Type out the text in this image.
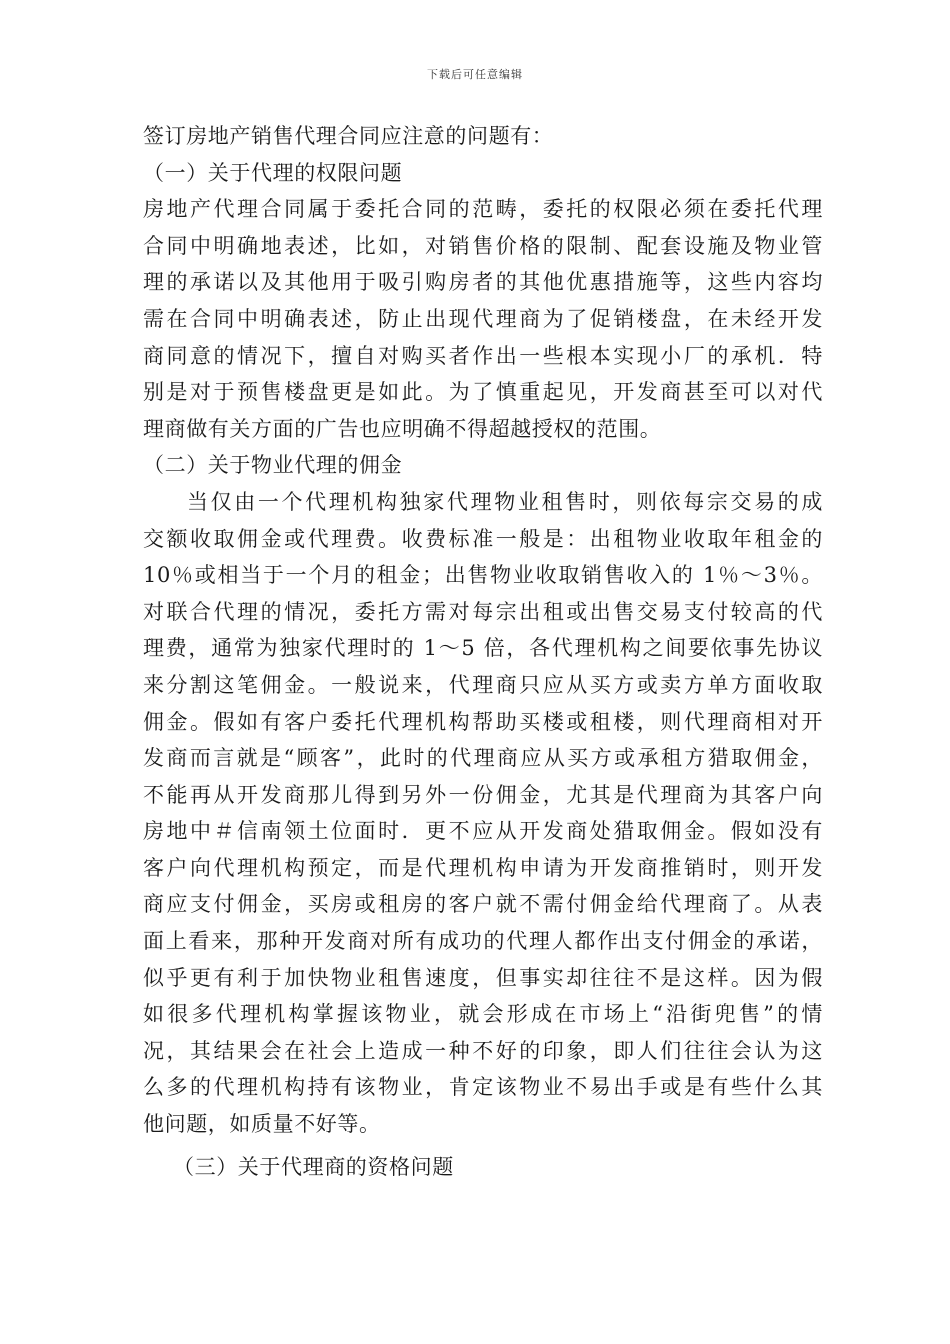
下载后可任意编辑
签订房地产销售代理合同应注意的问题有：
（一）关于代理的权限问题
房地产代理合同属于委托合同的范畴，委托的权限必须在委托代理
合同中明确地表述，比如，对销售价格的限制、配套设施及物业管
理的承诺以及其他用于吸引购房者的其他优惠措施等，这些内容均
需在合同中明确表述，防止出现代理商为了促销楼盘，在未经开发
商同意的情况下，擅自对购买者作出一些根本实现小厂的承机．特
别是对于预售楼盘更是如此。为了慎重起见，开发商甚至可以对代
理商做有关方面的广告也应明确不得超越授权的范围。
（二）关于物业代理的佣金
当仅由一个代理机构独家代理物业租售时，则依每宗交易的成
交额收取佣金或代理费。收费标准一般是：出租物业收取年租金的
10％或相当于一个月的租金；出售物业收取销售收入的 1％～3％。
对联合代理的情况，委托方需对每宗出租或出售交易支付较高的代
理费，通常为独家代理时的 1～5 倍，各代理机构之间要依事先协议
来分割这笔佣金。一般说来，代理商只应从买方或卖方单方面收取
佣金。假如有客户委托代理机构帮助买楼或租楼，则代理商相对开
发商而言就是“顾客”，此时的代理商应从买方或承租方猎取佣金，
不能再从开发商那儿得到另外一份佣金，尤其是代理商为其客户向
房地中＃信南领土位面时．更不应从开发商处猎取佣金。假如没有
客户向代理机构预定，而是代理机构申请为开发商推销时，则开发
商应支付佣金，买房或租房的客户就不需付佣金给代理商了。从表
面上看来，那种开发商对所有成功的代理人都作出支付佣金的承诺，
似乎更有利于加快物业租售速度，但事实却往往不是这样。因为假
如很多代理机构掌握该物业，就会形成在市场上“沿街兜售”的情
况，其结果会在社会上造成一种不好的印象，即人们往往会认为这
么多的代理机构持有该物业，肯定该物业不易出手或是有些什么其
他问题，如质量不好等。
（三）关于代理商的资格问题
